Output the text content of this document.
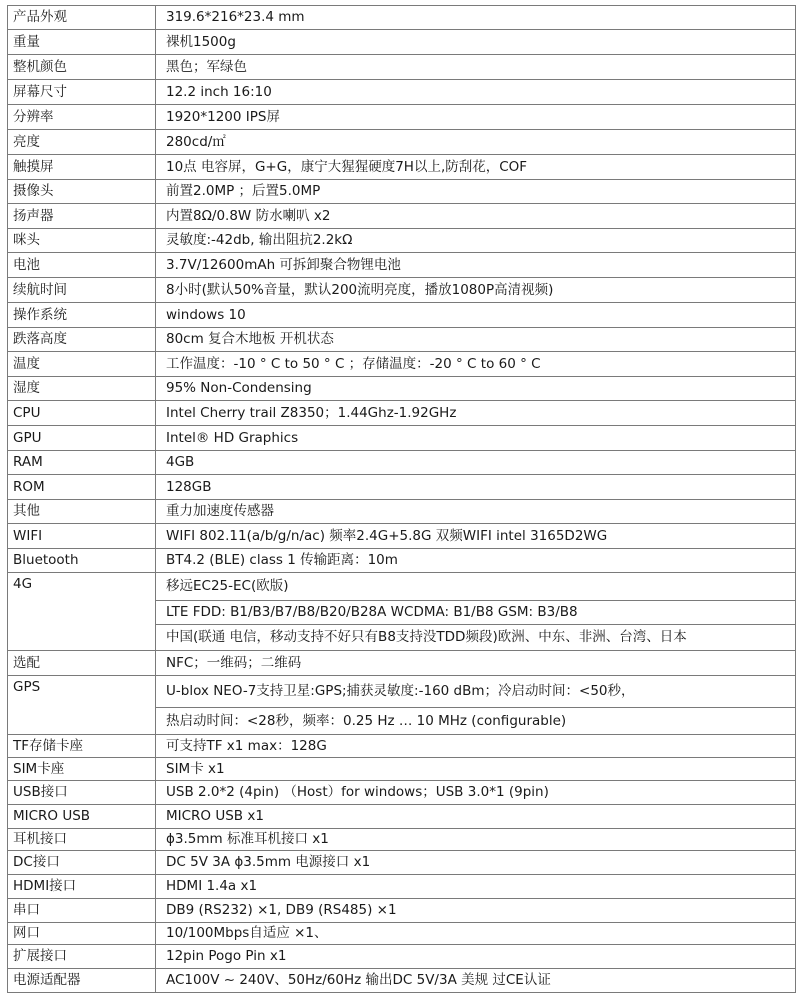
产品外观	319.6*216*23.4 mm
重量	裸机1500g
整机颜色	黑色；军绿色
屏幕尺寸	12.2 inch 16:10
分辨率	1920*1200 IPS屏
亮度	280cd/㎡
触摸屏	10点 电容屏，G+G，康宁大猩猩硬度7H以上,防刮花，COF
摄像头	前置2.0MP ；后置5.0MP
扬声器	内置8Ω/0.8W 防水喇叭 x2
咪头	灵敏度:-42db, 输出阻抗2.2kΩ
电池	3.7V/12600mAh 可拆卸聚合物锂电池
续航时间	8小时(默认50%音量，默认200流明亮度，播放1080P高清视频)
操作系统	windows 10
跌落高度	80cm 复合木地板 开机状态
温度	工作温度：-10 ° C to 50 ° C ；存储温度：-20 ° C to 60 ° C
湿度	95% Non-Condensing
CPU	Intel Cherry trail Z8350；1.44Ghz-1.92GHz
GPU	Intel® HD Graphics
RAM	4GB
ROM	128GB
其他	重力加速度传感器
WIFI	WIFI 802.11(a/b/g/n/ac) 频率2.4G+5.8G 双频WIFI intel 3165D2WG
Bluetooth	BT4.2 (BLE) class 1 传输距离：10m
4G	移远EC25-EC(欧版)
	LTE FDD: B1/B3/B7/B8/B20/B28A WCDMA: B1/B8 GSM: B3/B8
	中国(联通 电信，移动支持不好只有B8支持没TDD频段)欧洲、中东、非洲、台湾、日本
选配	NFC；一维码；二维码
GPS	U-blox NEO-7支持卫星:GPS;捕获灵敏度:-160 dBm；冷启动时间：<50秒，
	热启动时间：<28秒，频率：0.25 Hz … 10 MHz (configurable)
TF存储卡座	可支持TF x1 max：128G
SIM卡座	SIM卡 x1
USB接口	USB 2.0*2 (4pin) （Host）for windows；USB 3.0*1 (9pin)
MICRO USB	MICRO USB x1
耳机接口	ɸ3.5mm 标准耳机接口 x1
DC接口	DC 5V 3A ɸ3.5mm 电源接口 x1
HDMI接口	HDMI 1.4a x1
串口	DB9 (RS232) ×1, DB9 (RS485) ×1
网口	10/100Mbps自适应 ×1、
扩展接口	12pin Pogo Pin x1
电源适配器	AC100V ~ 240V、50Hz/60Hz 输出DC 5V/3A 美规 过CE认证
